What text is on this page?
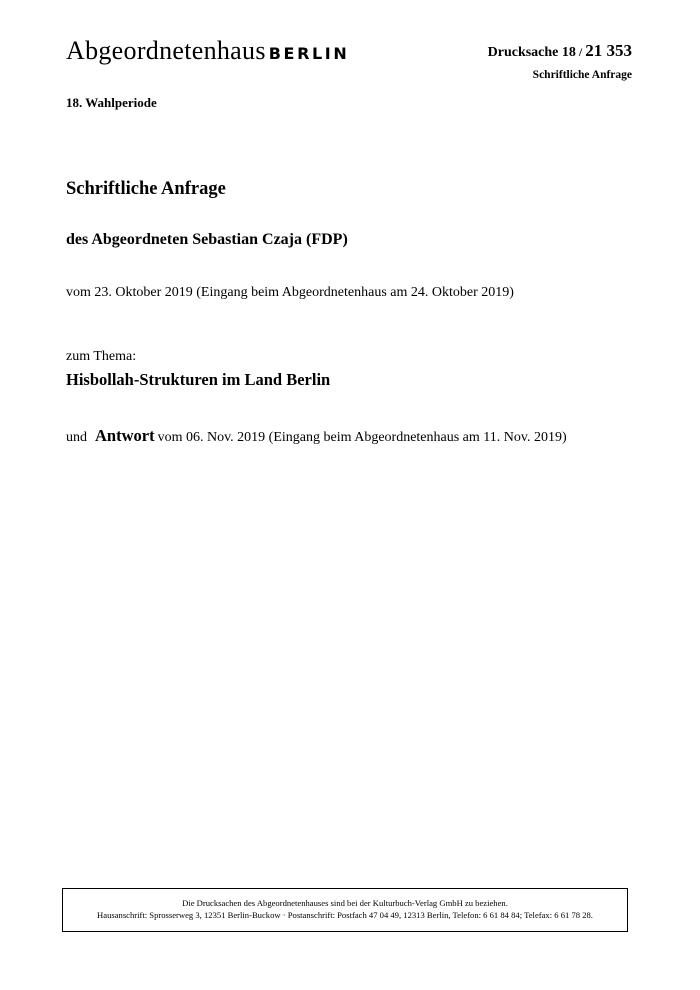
Abgeordnetenhaus BERLIN	Drucksache 18 / 21 353
Schriftliche Anfrage
18. Wahlperiode
Schriftliche Anfrage
des Abgeordneten Sebastian Czaja (FDP)
vom 23. Oktober 2019 (Eingang beim Abgeordnetenhaus am 24. Oktober 2019)
zum Thema:
Hisbollah-Strukturen im Land Berlin
und Antwort vom 06. Nov. 2019 (Eingang beim Abgeordnetenhaus am 11. Nov. 2019)
Die Drucksachen des Abgeordnetenhauses sind bei der Kulturbuch-Verlag GmbH zu beziehen.
Hausanschrift: Sprosserweg 3, 12351 Berlin-Buckow · Postanschrift: Postfach 47 04 49, 12313 Berlin, Telefon: 6 61 84 84; Telefax: 6 61 78 28.
